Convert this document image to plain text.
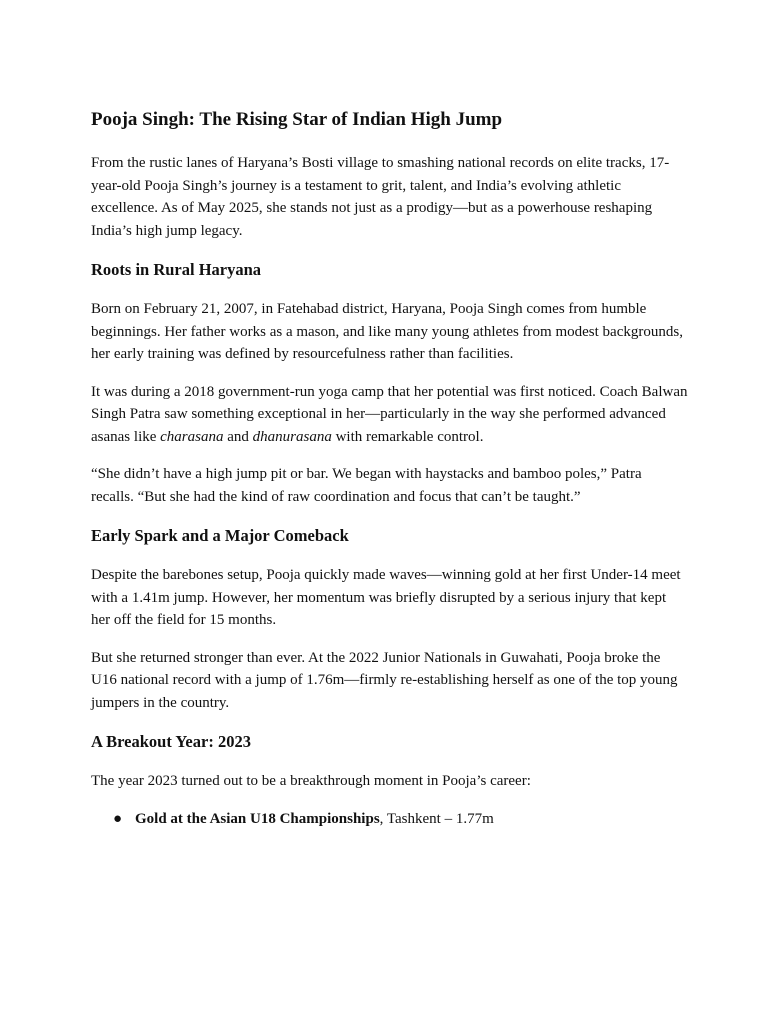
Pooja Singh: The Rising Star of Indian High Jump

From the rustic lanes of Haryana’s Bosti village to smashing national records on elite tracks, 17-year-old Pooja Singh’s journey is a testament to grit, talent, and India’s evolving athletic excellence. As of May 2025, she stands not just as a prodigy—but as a powerhouse reshaping India’s high jump legacy.

Roots in Rural Haryana

Born on February 21, 2007, in Fatehabad district, Haryana, Pooja Singh comes from humble beginnings. Her father works as a mason, and like many young athletes from modest backgrounds, her early training was defined by resourcefulness rather than facilities.

It was during a 2018 government-run yoga camp that her potential was first noticed. Coach Balwan Singh Patra saw something exceptional in her—particularly in the way she performed advanced asanas like charasana and dhanurasana with remarkable control.

“She didn’t have a high jump pit or bar. We began with haystacks and bamboo poles,” Patra recalls. “But she had the kind of raw coordination and focus that can’t be taught.”

Early Spark and a Major Comeback

Despite the barebones setup, Pooja quickly made waves—winning gold at her first Under-14 meet with a 1.41m jump. However, her momentum was briefly disrupted by a serious injury that kept her off the field for 15 months.

But she returned stronger than ever. At the 2022 Junior Nationals in Guwahati, Pooja broke the U16 national record with a jump of 1.76m—firmly re-establishing herself as one of the top young jumpers in the country.

A Breakout Year: 2023

The year 2023 turned out to be a breakthrough moment in Pooja’s career:

● Gold at the Asian U18 Championships, Tashkent – 1.77m
